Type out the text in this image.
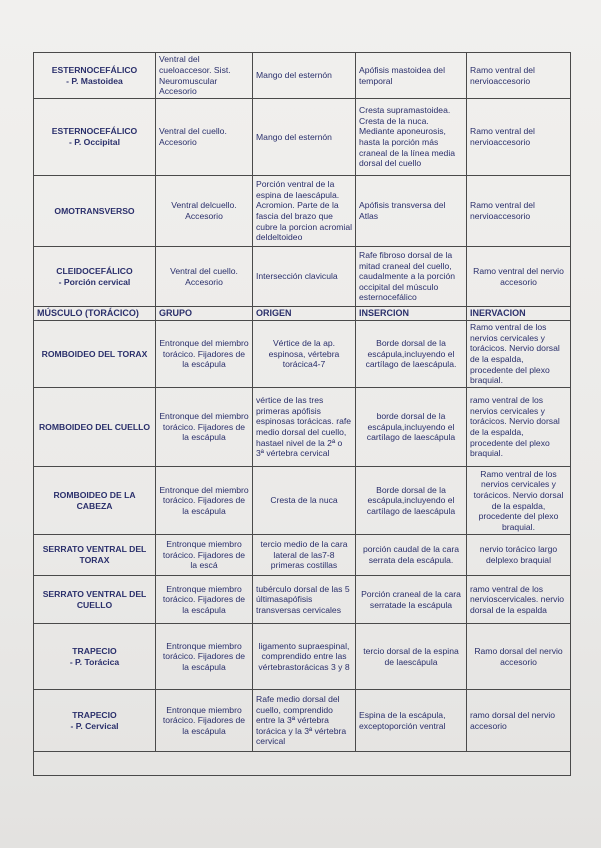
ESTERNOCEFÁLICO
- P. Mastoidea	Ventral del cueloaccesor. Sist. Neuromuscular Accesorio	Mango del esternón	Apófisis mastoidea del temporal	Ramo ventral del nervioaccesorio

ESTERNOCEFÁLICO
- P. Occipital	Ventral del cuello. Accesorio	Mango del esternón	Cresta supramastoidea. Cresta de la nuca. Mediante aponeurosis, hasta la porción más craneal de la línea media dorsal del cuello	Ramo ventral del nervioaccesorio

OMOTRANSVERSO	Ventral delcuello. Accesorio	Porción ventral de la espina de laescápula. Acromion. Parte de la fascia del brazo que cubre la porcion acromial deldeltoideo	Apófisis transversa del Atlas	Ramo ventral del nervioaccesorio

CLEIDOCEFÁLICO
- Porción cervical	Ventral del cuello. Accesorio	Intersección clavicula	Rafe fibroso dorsal de la mitad craneal del cuello, caudalmente a la porción occipital del músculo esternocefálico	Ramo ventral del nervio accesorio
MÚSCULO (TORÁCICO)	GRUPO	ORIGEN	INSERCION	INERVACION

ROMBOIDEO DEL TORAX	Entronque del miembro torácico. Fijadores de la escápula	Vértice de la ap. espinosa, vértebra torácica4-7	Borde dorsal de la escápula,incluyendo el cartílago de laescápula.	Ramo ventral de los nervios cervicales y torácicos. Nervio dorsal de la espalda, procedente del plexo braquial.

ROMBOIDEO DEL CUELLO	Entronque del miembro torácico. Fijadores de la escápula	vértice de las tres primeras apófisis espinosas torácicas. rafe medio dorsal del cuello, hastael nivel de la 2ª o 3ª vértebra cervical	borde dorsal de la escápula,incluyendo el cartílago de laescápula	ramo ventral de los nervios cervicales y torácicos. Nervio dorsal de la espalda, procedente del plexo braquial.

ROMBOIDEO DE LA CABEZA	Entronque del miembro torácico. Fijadores de la escápula	Cresta de la nuca	Borde dorsal de la escápula,incluyendo el cartílago de laescápula	Ramo ventral de los nervios cervicales y torácicos. Nervio dorsal de la espalda, procedente del plexo braquial.

SERRATO VENTRAL DEL TORAX	Entronque miembro torácico. Fijadores de la escá	tercio medio de la cara lateral de las7-8 primeras costillas	porción caudal de la cara serrata dela escápula.	nervio torácico largo delplexo braquial

SERRATO VENTRAL DEL CUELLO	Entronque miembro torácico. Fijadores de la escápula	tubérculo dorsal de las 5 últimasapófisis transversas cervicales	Porción craneal de la cara serratade la escápula	ramo ventral de los nervioscervicales. nervio dorsal de la espalda

TRAPECIO
- P. Torácica	Entronque miembro torácico. Fijadores de la escápula	ligamento supraespinal, comprendido entre las vértebrastorácicas 3 y 8	tercio dorsal de la espina de laescápula	Ramo dorsal del nervio accesorio

TRAPECIO
- P. Cervical	Entronque miembro torácico. Fijadores de la escápula	Rafe medio dorsal del cuello, comprendido entre la 3ª vértebra torácica y la 3ª vértebra cervical	Espina de la escápula, exceptoporción ventral	ramo dorsal del nervio accesorio
